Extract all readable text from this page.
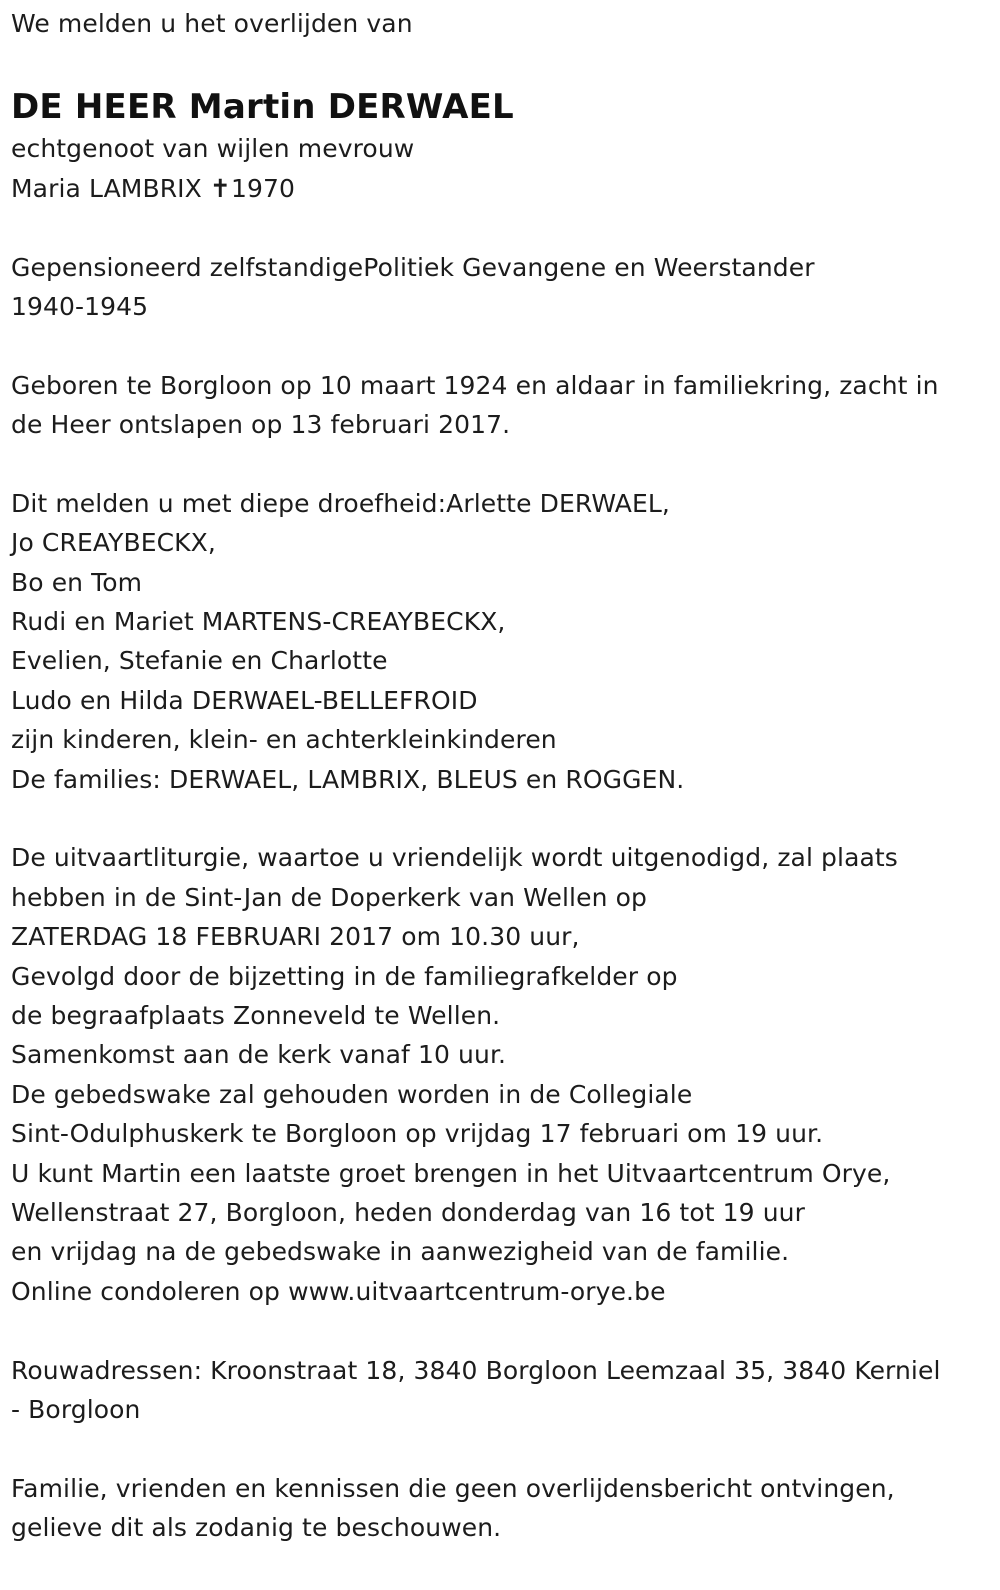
We melden u het overlijden van
DE HEER Martin DERWAEL
echtgenoot van wijlen mevrouw
Maria LAMBRIX ✝1970
Gepensioneerd zelfstandigePolitiek Gevangene en Weerstander
1940-1945
Geboren te Borgloon op 10 maart 1924 en aldaar in familiekring, zacht in
de Heer ontslapen op 13 februari 2017.
Dit melden u met diepe droefheid:Arlette DERWAEL,
Jo CREAYBECKX,
Bo en Tom
Rudi en Mariet MARTENS-CREAYBECKX,
Evelien, Stefanie en Charlotte
Ludo en Hilda DERWAEL-BELLEFROID
zijn kinderen, klein- en achterkleinkinderen
De families: DERWAEL, LAMBRIX, BLEUS en ROGGEN.
De uitvaartliturgie, waartoe u vriendelijk wordt uitgenodigd, zal plaats
hebben in de Sint-Jan de Doperkerk van Wellen op
ZATERDAG 18 FEBRUARI 2017 om 10.30 uur,
Gevolgd door de bijzetting in de familiegrafkelder op
de begraafplaats Zonneveld te Wellen.
Samenkomst aan de kerk vanaf 10 uur.
De gebedswake zal gehouden worden in de Collegiale
Sint-Odulphuskerk te Borgloon op vrijdag 17 februari om 19 uur.
U kunt Martin een laatste groet brengen in het Uitvaartcentrum Orye,
Wellenstraat 27, Borgloon, heden donderdag van 16 tot 19 uur
en vrijdag na de gebedswake in aanwezigheid van de familie.
Online condoleren op www.uitvaartcentrum-orye.be
Rouwadressen: Kroonstraat 18, 3840 Borgloon Leemzaal 35, 3840 Kerniel
- Borgloon
Familie, vrienden en kennissen die geen overlijdensbericht ontvingen,
gelieve dit als zodanig te beschouwen.
